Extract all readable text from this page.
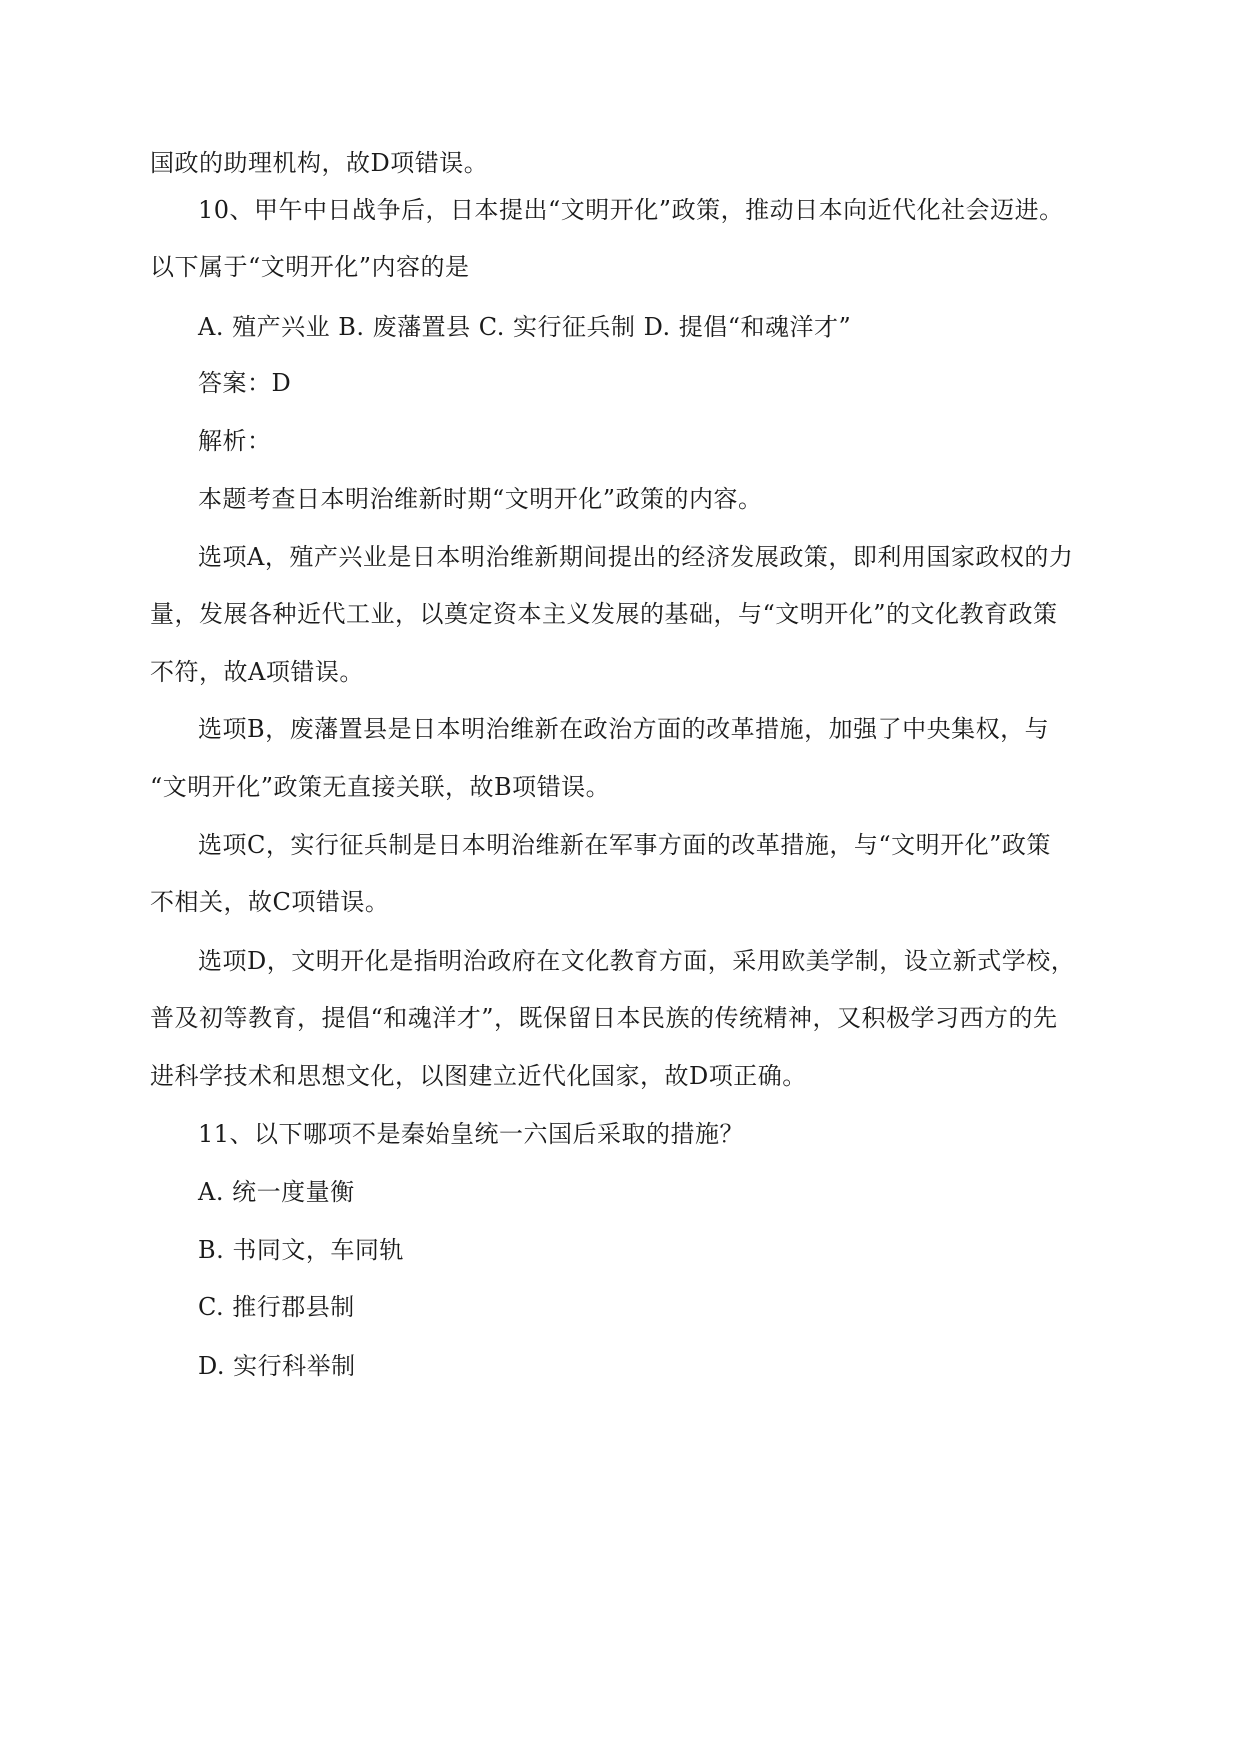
国政的助理机构，故D项错误。
10、甲午中日战争后，日本提出“文明开化”政策，推动日本向近代化社会迈进。
以下属于“文明开化”内容的是
A. 殖产兴业 B. 废藩置县 C. 实行征兵制 D. 提倡“和魂洋才”
答案：D
解析：
本题考查日本明治维新时期“文明开化”政策的内容。
选项A，殖产兴业是日本明治维新期间提出的经济发展政策，即利用国家政权的力
量，发展各种近代工业，以奠定资本主义发展的基础，与“文明开化”的文化教育政策
不符，故A项错误。
选项B，废藩置县是日本明治维新在政治方面的改革措施，加强了中央集权，与
“文明开化”政策无直接关联，故B项错误。
选项C，实行征兵制是日本明治维新在军事方面的改革措施，与“文明开化”政策
不相关，故C项错误。
选项D，文明开化是指明治政府在文化教育方面，采用欧美学制，设立新式学校，
普及初等教育，提倡“和魂洋才”，既保留日本民族的传统精神，又积极学习西方的先
进科学技术和思想文化，以图建立近代化国家，故D项正确。
11、以下哪项不是秦始皇统一六国后采取的措施？
A. 统一度量衡
B. 书同文，车同轨
C. 推行郡县制
D. 实行科举制
